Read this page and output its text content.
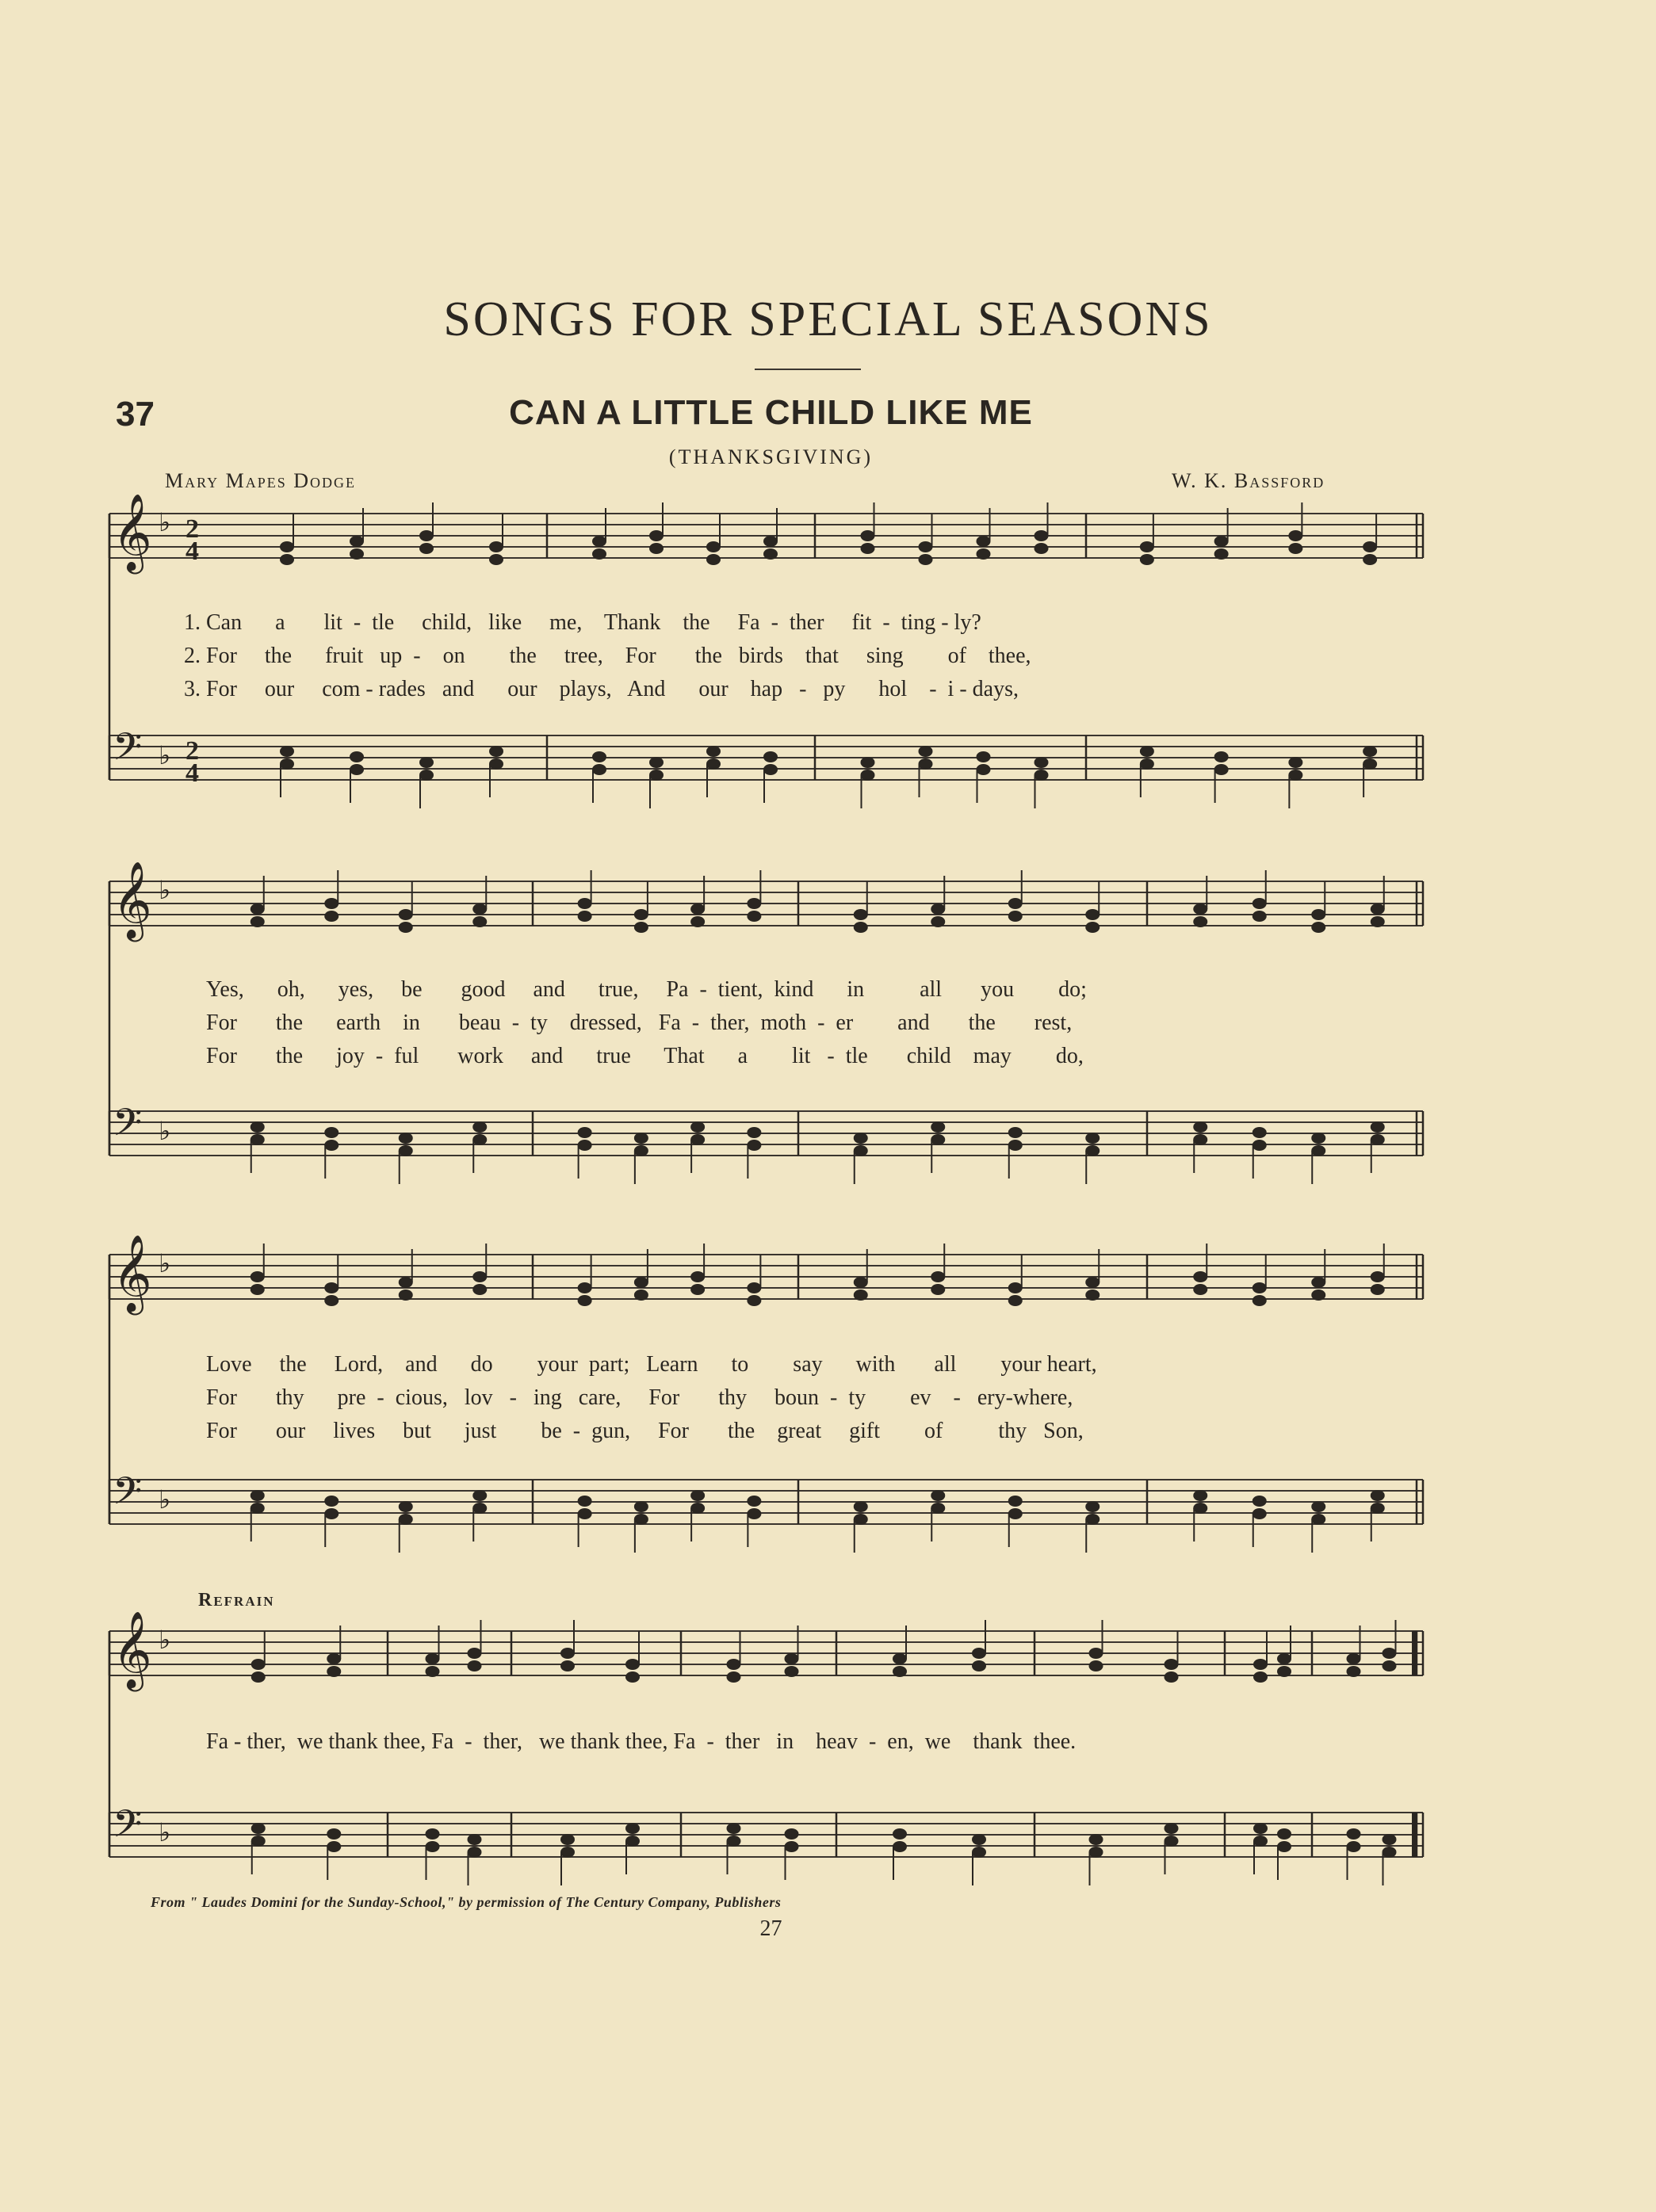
SONGS FOR SPECIAL SEASONS
37	CAN A LITTLE CHILD LIKE ME
(THANKSGIVING)
Mary Mapes Dodge	W. K. Bassford
𝄞 ♭ 2
4
𝄢 ♭ 2
4
𝄞 ♭
𝄢 ♭
𝄞 ♭
𝄢 ♭
𝄞 ♭
𝄢 ♭
1. Can      a       lit  -  tle     child,   like     me,    Thank    the     Fa  -  ther     fit  -  ting - ly?
2. For     the      fruit   up  -    on        the     tree,    For       the   birds    that     sing        of    thee,
3. For     our     com - rades   and      our    plays,   And      our    hap   -   py      hol    -  i - days,
Yes,      oh,      yes,     be       good     and      true,     Pa  -  tient,  kind      in          all       you        do;
For       the      earth    in       beau  -  ty    dressed,   Fa  -  ther,  moth  -  er        and       the       rest,
For       the      joy  -  ful       work     and      true      That      a        lit   -  tle       child    may        do,
Love     the     Lord,    and      do        your  part;   Learn      to        say      with       all        your heart,
For       thy      pre  -  cious,   lov   -   ing   care,     For       thy     boun  -  ty        ev    -   ery-where,
For       our     lives     but      just        be  -  gun,     For       the    great     gift        of          thy   Son,
Refrain
Fa - ther,  we thank thee, Fa  -  ther,   we thank thee, Fa  -  ther   in    heav  -  en,  we    thank  thee.
From " Laudes Domini for the Sunday-School," by permission of The Century Company, Publishers
27
